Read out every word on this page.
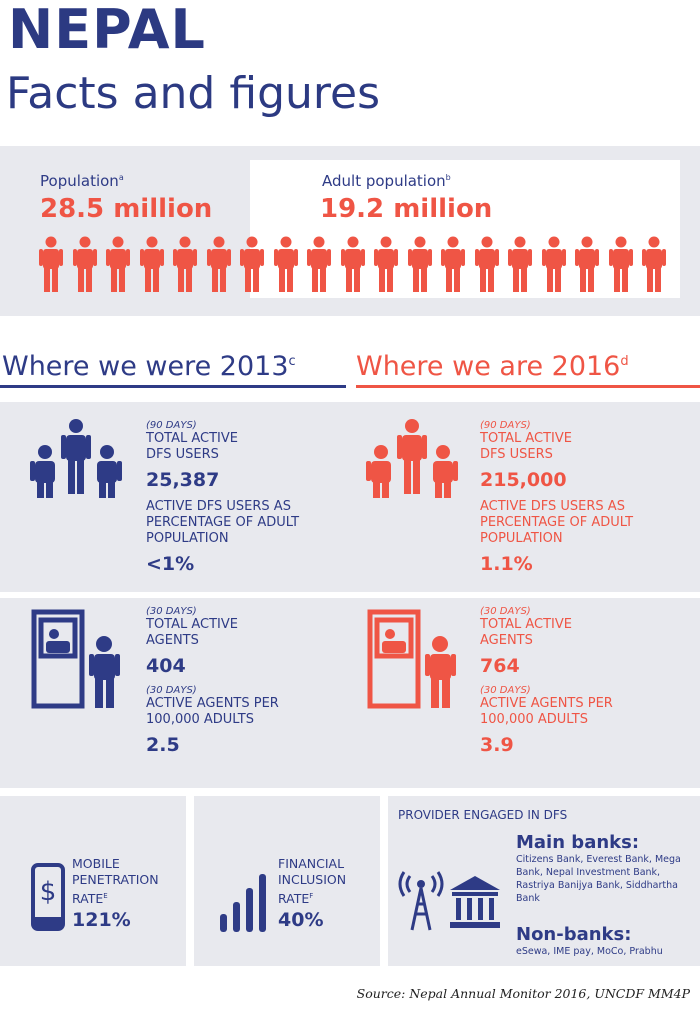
NEPAL
Facts and figures
Population$^a$
28.5 million
Adult population$^b$
19.2 million
Where we were 2013$^c$ Where we are 2016$^d$
(90 DAYS)
TOTAL ACTIVE DFS USERS
25,387
ACTIVE DFS USERS AS PERCENTAGE OF ADULT POPULATION
<1%
(90 DAYS)
TOTAL ACTIVE DFS USERS
215,000
ACTIVE DFS USERS AS PERCENTAGE OF ADULT POPULATION
1.1%
(30 DAYS)
TOTAL ACTIVE AGENTS
404
(30 DAYS)
ACTIVE AGENTS PER 100,000 ADULTS
2.5
(30 DAYS)
TOTAL ACTIVE AGENTS
764
(30 DAYS)
ACTIVE AGENTS PER 100,000 ADULTS
3.9
$
MOBILE PENETRATION $RATE^E$
121%
FINANCIAL INCLUSION $RATE^F$
40%
PROVIDER ENGAGED IN DFS
Main banks:
Citizens Bank, Everest Bank, Mega Bank, Nepal Investment Bank, Rastriya Banijya Bank, Siddhartha Bank
Non-banks:
eSewa, IME pay, MoCo, Prabhu
Source: Nepal Annual Monitor 2016, UNCDF MM4P
